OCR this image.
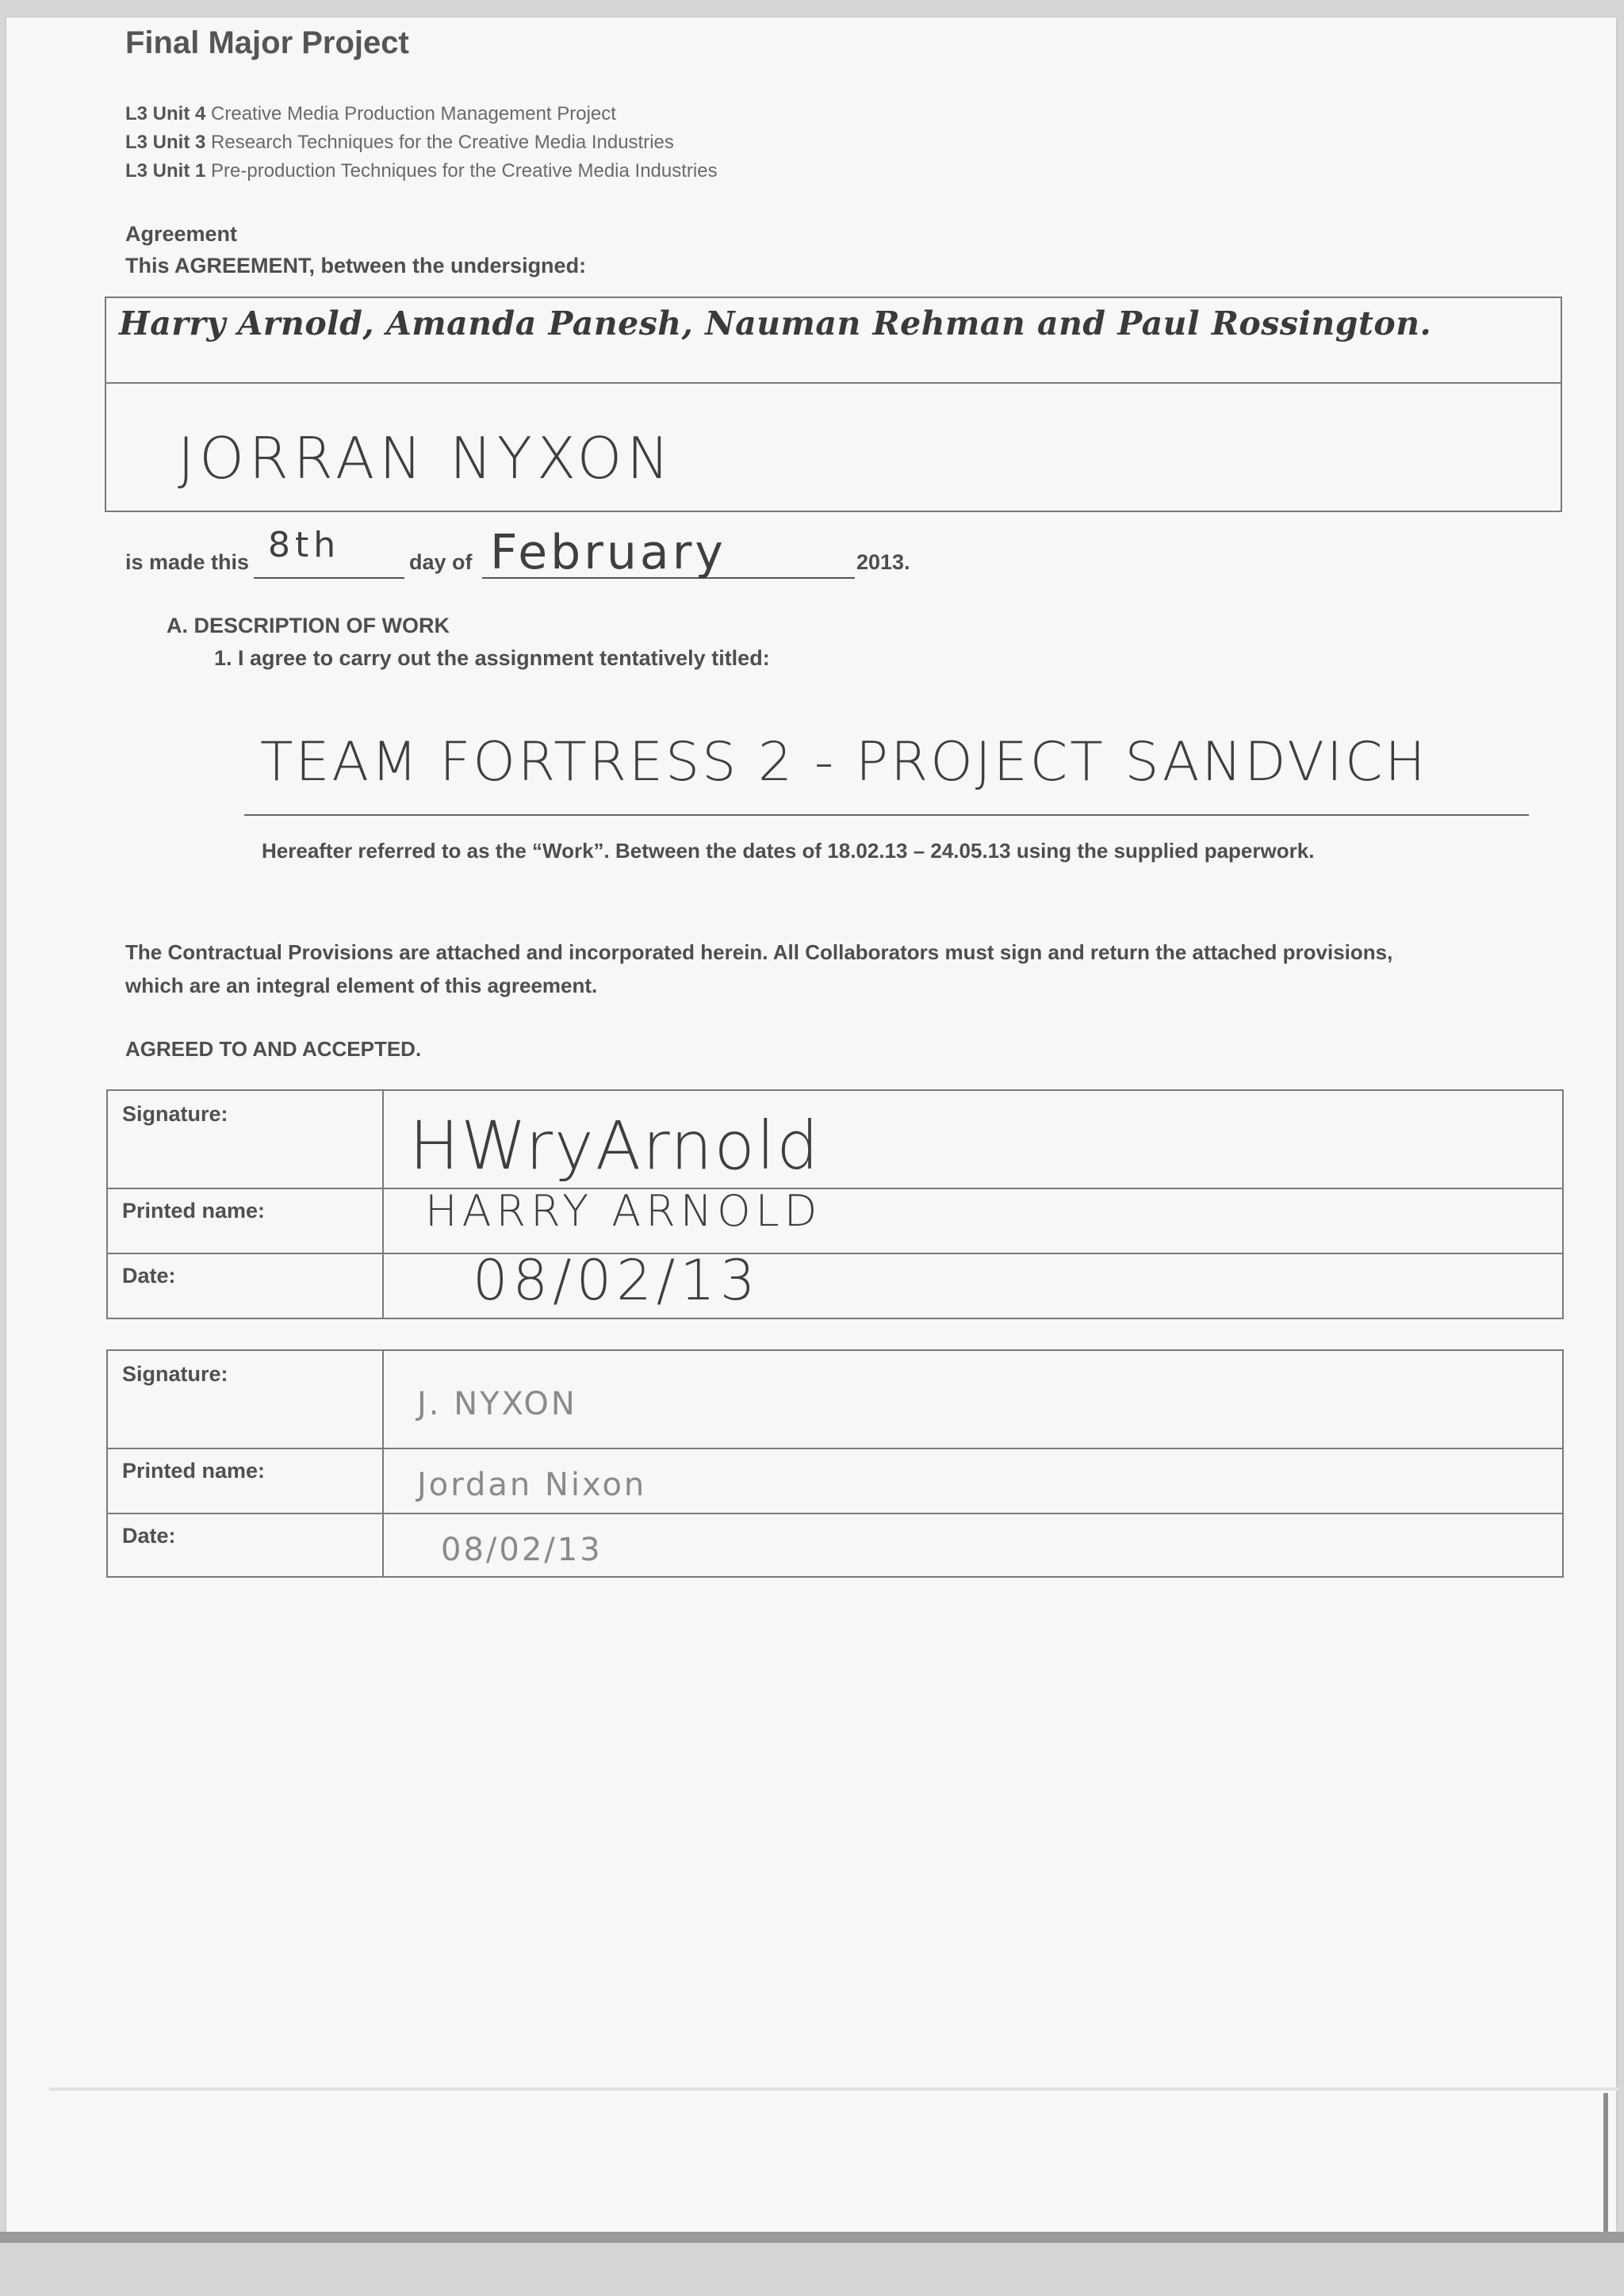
Final Major Project

L3 Unit 4 Creative Media Production Management Project

L3 Unit 3 Research Techniques for the Creative Media Industries

L3 Unit 1 Pre-production Techniques for the Creative Media Industries

Agreement

This AGREEMENT, between the undersigned:

Harry Arnold, Amanda Panesh, Nauman Rehman and Paul Rossington.
JORRAN NYXON

is made this 8th	day of February	2013.

A. DESCRIPTION OF WORK

1. I agree to carry out the assignment tentatively titled:

TEAM FORTRESS 2 - PROJECT SANDVICH

Hereafter referred to as the “Work”. Between the dates of 18.02.13 – 24.05.13 using the supplied paperwork.

The Contractual Provisions are attached and incorporated herein. All Collaborators must sign and return the attached provisions,

which are an integral element of this agreement.

AGREED TO AND ACCEPTED.

Signature:
Printed name:
Date:
HWryArnold
HARRY ARNOLD
08/02/13
Signature:
Printed name:
Date:
J. NYXON
Jordan Nixon
08/02/13
